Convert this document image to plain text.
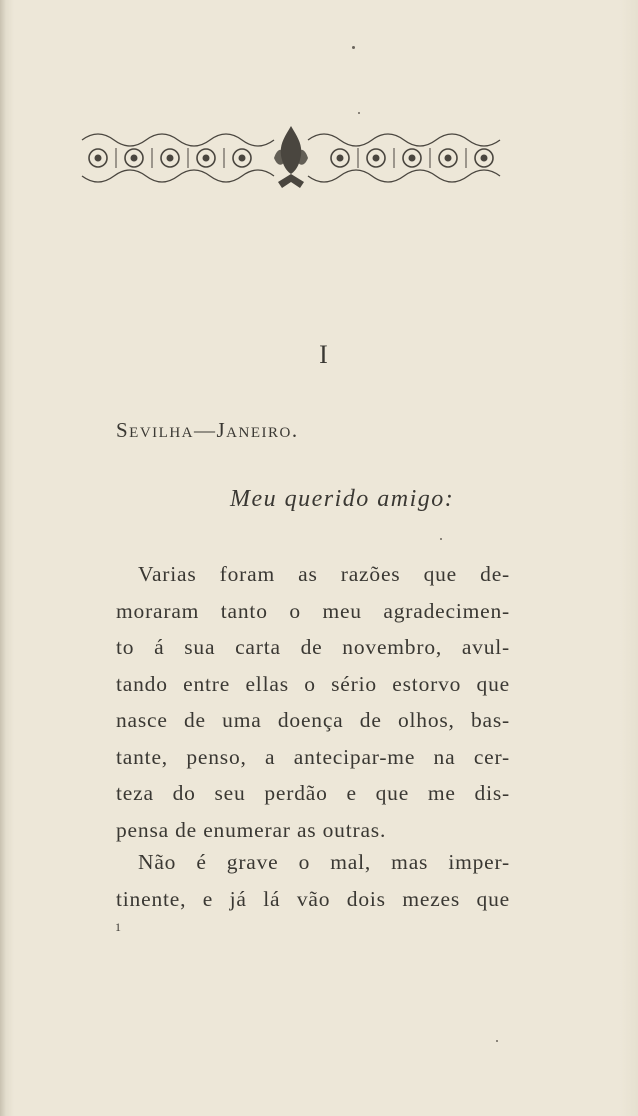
I
Sevilha—Janeiro.
Meu querido amigo:
Varias foram as razões que de-
moraram tanto o meu agradecimen-
to á sua carta de novembro, avul-
tando entre ellas o sério estorvo que
nasce de uma doença de olhos, bas-
tante, penso, a antecipar-me na cer-
teza do seu perdão e que me dis-
pensa de enumerar as outras.
Não é grave o mal, mas imper-
tinente, e já lá vão dois mezes que
1
